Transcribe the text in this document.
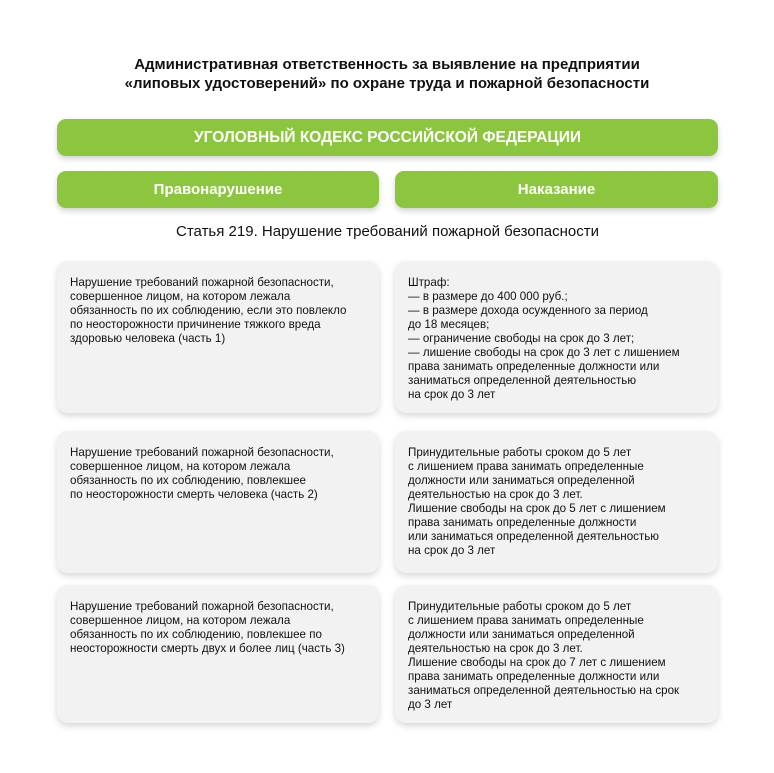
Административная ответственность за выявление на предприятии
«липовых удостоверений» по охране труда и пожарной безопасности
УГОЛОВНЫЙ КОДЕКС РОССИЙСКОЙ ФЕДЕРАЦИИ
Правонарушение	Наказание
Статья 219. Нарушение требований пожарной безопасности
Нарушение требований пожарной безопасности,
совершенное лицом, на котором лежала
обязанность по их соблюдению, если это повлекло
по неосторожности причинение тяжкого вреда
здоровью человека (часть 1)
Штраф:
— в размере до 400 000 руб.;
— в размере дохода осужденного за период
до 18 месяцев;
— ограничение свободы на срок до 3 лет;
— лишение свободы на срок до 3 лет с лишением
права занимать определенные должности или
заниматься определенной деятельностью
на срок до 3 лет
Нарушение требований пожарной безопасности,
совершенное лицом, на котором лежала
обязанность по их соблюдению, повлекшее
по неосторожности смерть человека (часть 2)
Принудительные работы сроком до 5 лет
с лишением права занимать определенные
должности или заниматься определенной
деятельностью на срок до 3 лет.
Лишение свободы на срок до 5 лет с лишением
права занимать определенные должности
или заниматься определенной деятельностью
на срок до 3 лет
Нарушение требований пожарной безопасности,
совершенное лицом, на котором лежала
обязанность по их соблюдению, повлекшее по
неосторожности смерть двух и более лиц (часть 3)
Принудительные работы сроком до 5 лет
с лишением права занимать определенные
должности или заниматься определенной
деятельностью на срок до 3 лет.
Лишение свободы на срок до 7 лет с лишением
права занимать определенные должности или
заниматься определенной деятельностью на срок
до 3 лет
